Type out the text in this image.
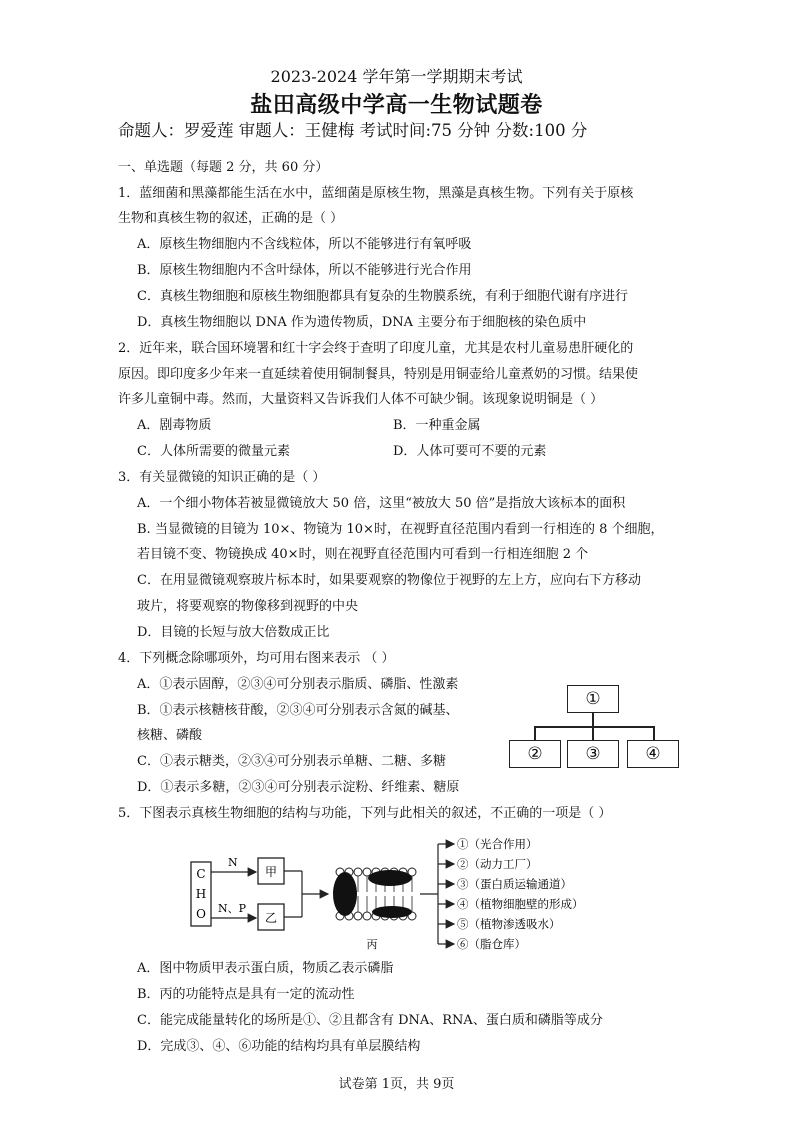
2023-2024 学年第一学期期末考试
盐田高级中学高一生物试题卷
命题人：罗爱莲 审题人：王健梅 考试时间:75 分钟 分数:100 分
一、单选题（每题 2 分，共 60 分）
1．蓝细菌和黑藻都能生活在水中，蓝细菌是原核生物，黑藻是真核生物。下列有关于原核
生物和真核生物的叙述，正确的是（ ）
A．原核生物细胞内不含线粒体，所以不能够进行有氧呼吸
B．原核生物细胞内不含叶绿体，所以不能够进行光合作用
C．真核生物细胞和原核生物细胞都具有复杂的生物膜系统，有利于细胞代谢有序进行
D．真核生物细胞以 DNA 作为遗传物质，DNA 主要分布于细胞核的染色质中
2．近年来，联合国环境署和红十字会终于查明了印度儿童，尤其是农村儿童易患肝硬化的
原因。即印度多少年来一直延续着使用铜制餐具，特别是用铜壶给儿童煮奶的习惯。结果使
许多儿童铜中毒。然而，大量资料又告诉我们人体不可缺少铜。该现象说明铜是（ ）
A．剧毒物质	B．一种重金属
C．人体所需要的微量元素	D．人体可要可不要的元素
3．有关显微镜的知识正确的是（ ）
A．一个细小物体若被显微镜放大 50 倍，这里“被放大 50 倍”是指放大该标本的面积
B. 当显微镜的目镜为 10×、物镜为 10×时，在视野直径范围内看到一行相连的 8 个细胞，
若目镜不变、物镜换成 40×时，则在视野直径范围内可看到一行相连细胞 2 个
C．在用显微镜观察玻片标本时，如果要观察的物像位于视野的左上方，应向右下方移动
玻片，将要观察的物像移到视野的中央
D．目镜的长短与放大倍数成正比
4．下列概念除哪项外，均可用右图来表示 （ ）
A．①表示固醇，②③④可分别表示脂质、磷脂、性激素
B．①表示核糖核苷酸，②③④可分别表示含氮的碱基、
核糖、磷酸
C．①表示糖类，②③④可分别表示单糖、二糖、多糖
D．①表示多糖，②③④可分别表示淀粉、纤维素、糖原
①
②	③	④
5．下图表示真核生物细胞的结构与功能，下列与此相关的叙述，不正确的一项是（ ）
C
H
O
N
N、P
甲
乙
丙
①（光合作用）
②（动力工厂）
③（蛋白质运输通道）
④（植物细胞壁的形成）
⑤（植物渗透吸水）
⑥（脂仓库）
A．图中物质甲表示蛋白质，物质乙表示磷脂
B．丙的功能特点是具有一定的流动性
C．能完成能量转化的场所是①、②且都含有 DNA、RNA、蛋白质和磷脂等成分
D．完成③、④、⑥功能的结构均具有单层膜结构
试卷第 1页，共 9页
